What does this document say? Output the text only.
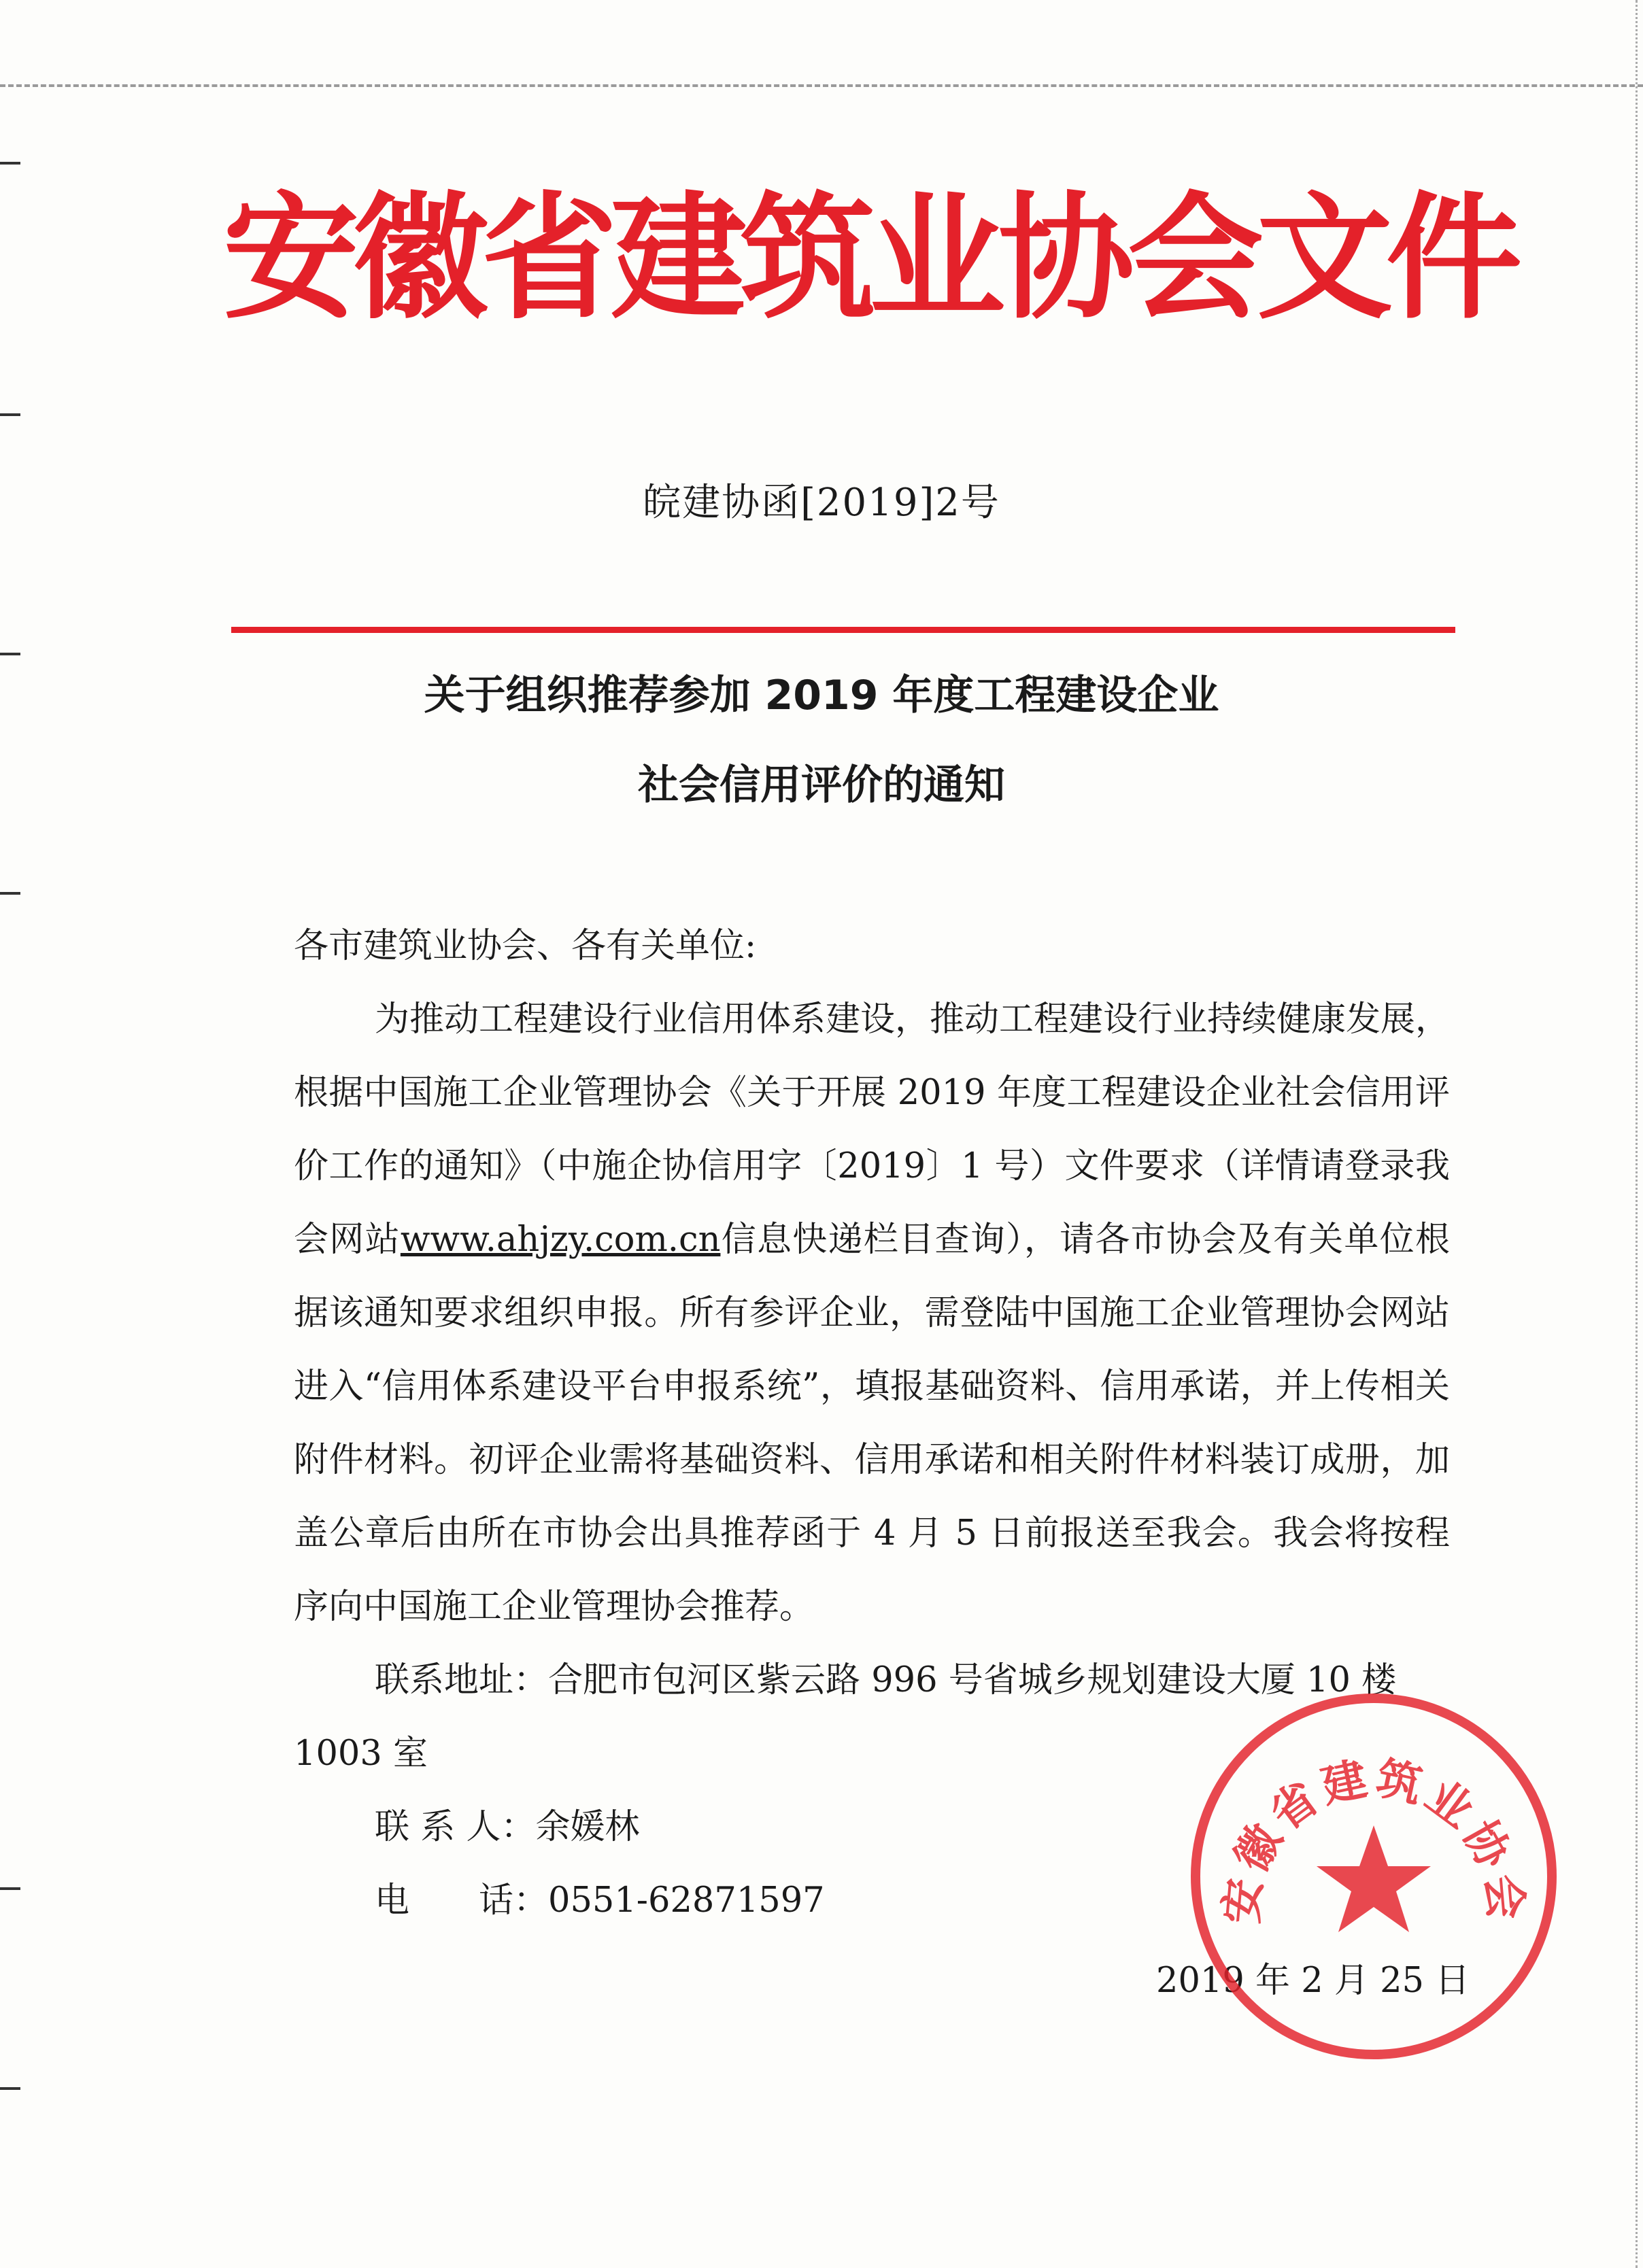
安徽省建筑业协会文件
皖建协函[2019]2号
关于组织推荐参加 2019 年度工程建设企业
社会信用评价的通知

各市建筑业协会、各有关单位:

为推动工程建设行业信用体系建设，推动工程建设行业持续健康发展，根据中国施工企业管理协会《关于开展 2019 年度工程建设企业社会信用评价工作的通知》（中施企协信用字〔2019〕1 号）文件要求（详情请登录我会网站www.ahjzy.com.cn信息快递栏目查询），请各市协会及有关单位根据该通知要求组织申报。所有参评企业，需登陆中国施工企业管理协会网站进入“信用体系建设平台申报系统”，填报基础资料、信用承诺，并上传相关附件材料。初评企业需将基础资料、信用承诺和相关附件材料装订成册，加盖公章后由所在市协会出具推荐函于 4 月 5 日前报送至我会。我会将按程序向中国施工企业管理协会推荐。

联系地址：合肥市包河区紫云路 996 号省城乡规划建设大厦 10 楼 1003 室

联 系 人：余媛林

电　　话：0551-62871597

2019 年 2 月 25 日
安徽省建筑业协会
